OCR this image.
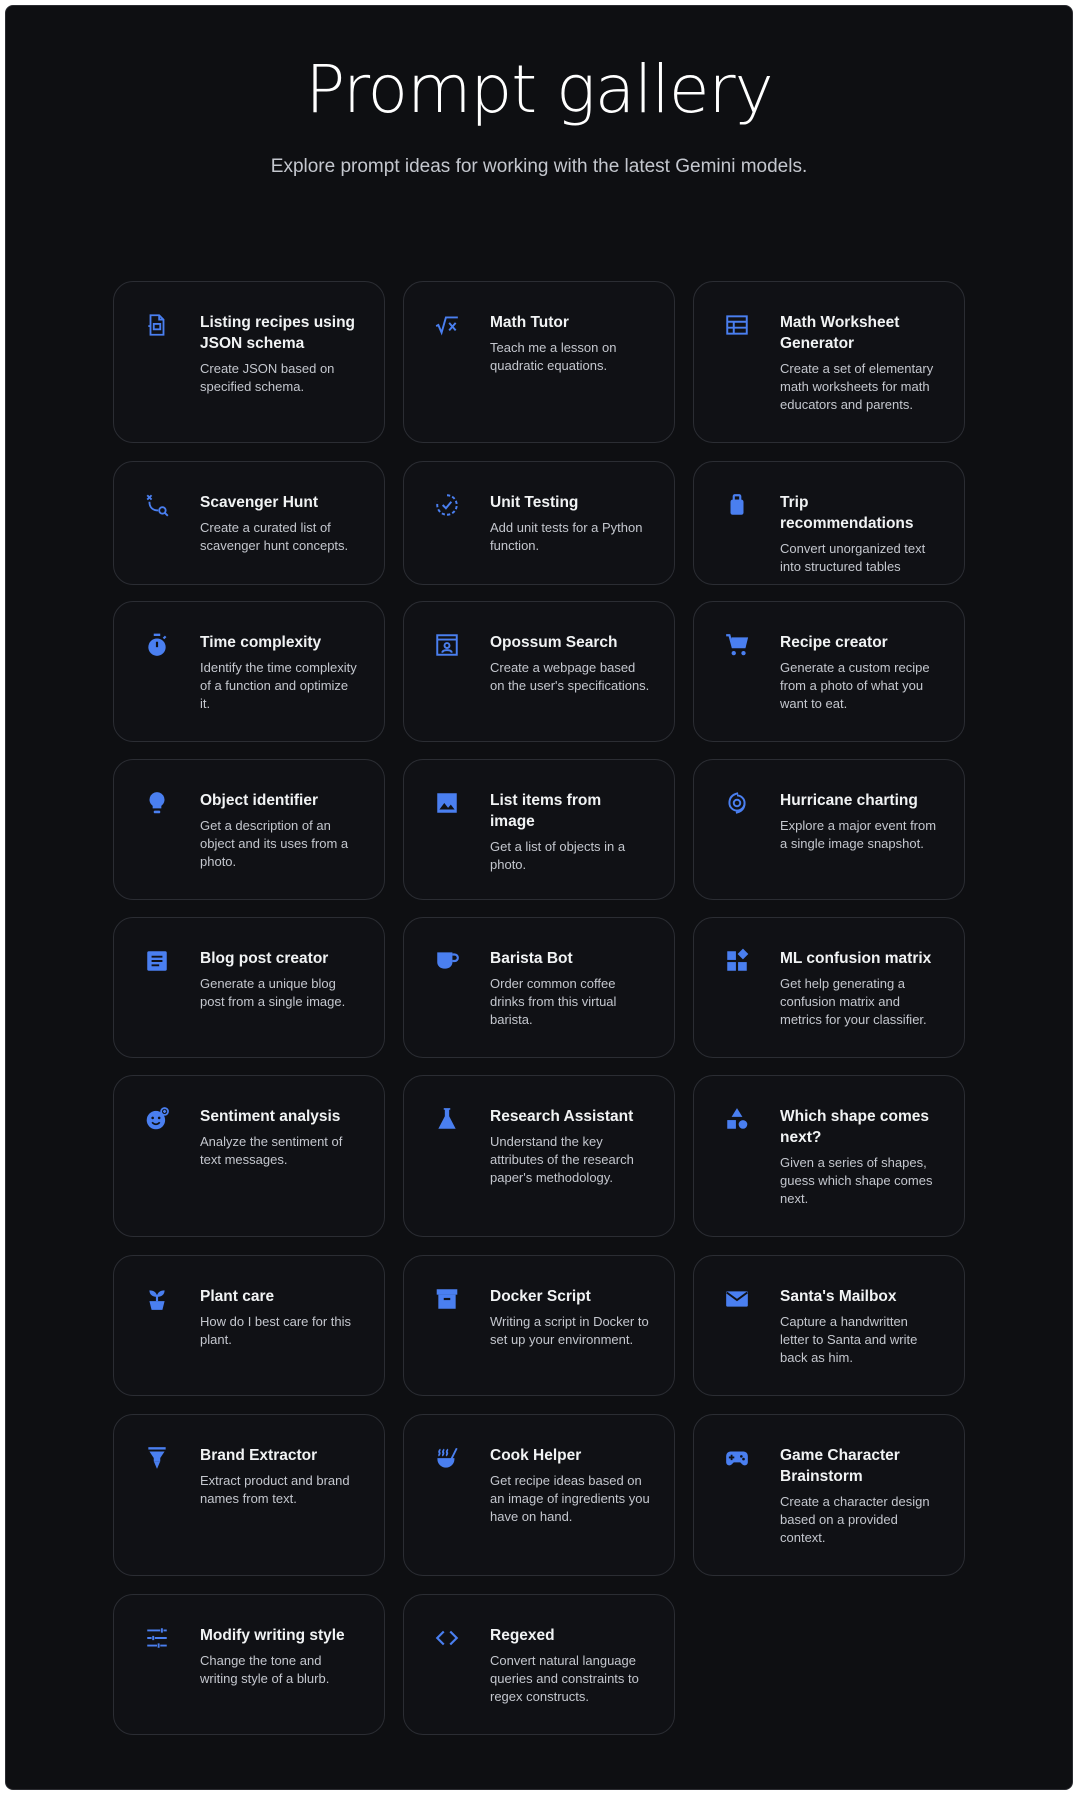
Prompt gallery

Explore prompt ideas for working with the latest Gemini models.

Listing recipes using JSON schema
Create JSON based on specified schema.
Math Tutor
Teach me a lesson on quadratic equations.
Math Worksheet Generator
Create a set of elementary math worksheets for math educators and parents.
Scavenger Hunt
Create a curated list of scavenger hunt concepts.
Unit Testing
Add unit tests for a Python function.
Trip recommendations
Convert unorganized text into structured tables
Time complexity
Identify the time complexity of a function and optimize it.
Opossum Search
Create a webpage based on the user's specifications.
Recipe creator
Generate a custom recipe from a photo of what you want to eat.
Object identifier
Get a description of an object and its uses from a photo.
List items from image
Get a list of objects in a photo.
Hurricane charting
Explore a major event from a single image snapshot.
Blog post creator
Generate a unique blog post from a single image.
Barista Bot
Order common coffee drinks from this virtual barista.
ML confusion matrix
Get help generating a confusion matrix and metrics for your classifier.
Sentiment analysis
Analyze the sentiment of text messages.
Research Assistant
Understand the key attributes of the research paper's methodology.
Which shape comes next?
Given a series of shapes, guess which shape comes next.
Plant care
How do I best care for this plant.
Docker Script
Writing a script in Docker to set up your environment.
Santa's Mailbox
Capture a handwritten letter to Santa and write back as him.
Brand Extractor
Extract product and brand names from text.
Cook Helper
Get recipe ideas based on an image of ingredients you have on hand.
Game Character Brainstorm
Create a character design based on a provided context.
Modify writing style
Change the tone and writing style of a blurb.
Regexed
Convert natural language queries and constraints to regex constructs.
